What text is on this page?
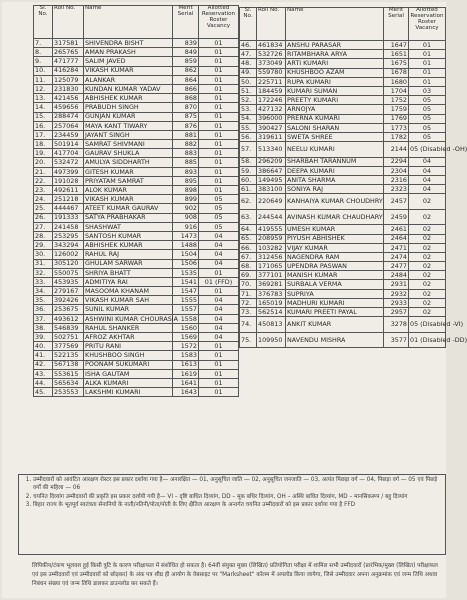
Sl. No.	Roll No.	Name	Merit Serial	Allotted Reservation Roster Vacancy
7.	317581	SHIVENDRA BISHT	839	01
8.	265765	AMAN PRAKASH	849	01
9.	471777	SALIM JAVED	859	01
10.	416284	VIKASH KUMAR	862	01
11.	125079	ALANKAR	864	01
12.	231830	KUNDAN KUMAR YADAV	866	01
13.	421456	ABHISHEK KUMAR	868	01
14.	459656	PRABUDH SINGH	870	01
15.	288474	GUNJAN KUMAR	875	01
16.	257064	MAYA KANT TIWARY	876	01
17.	234459	JAYANT SINGH	881	01
18.	501914	SAMRAT SHIVMANI	882	01
19.	417704	GAURAV SHUKLA	883	01
20.	532472	AMULYA SIDDHARTH	885	01
21.	497399	GITESH KUMAR	893	01
22.	191028	PRIYATAM SAMRAT	895	01
23.	492611	ALOK KUMAR	898	01
24.	251218	VIKASH KUMAR	899	05
25.	444467	ATEET KUMAR GAURAV	902	05
26.	191333	SATYA PRABHAKAR	908	05
27.	241458	SHASHWAT	916	05
28.	253295	SANTOSH KUMAR	1473	04
29.	343294	ABHISHEK KUMAR	1488	04
30.	126002	RAHUL RAJ	1504	04
31.	305120	GHULAM SARWAR	1506	04
32.	550075	SHRIYA BHATT	1535	01
33.	453935	ADMITIYA RAI	1541	01 (FFD)
34.	279167	MASOOMA KHANAM	1547	01
35.	392426	VIKASH KUMAR SAH	1555	04
36.	253675	SUNIL KUMAR	1557	04
37.	493612	ASHWINI KUMAR CHOURASIA	1558	04
38.	546839	RAHUL SHANKER	1560	04
39.	502751	AFROZ AKHTAR	1569	04
40.	377569	PRITU RANI	1572	01
41.	522135	KHUSHBOO SINGH	1583	01
42.	567138	POONAM SUKUMARI	1613	01
43.	553615	ISHA GAUTAM	1619	01
44.	565634	ALKA KUMARI	1641	01
45.	253553	LAKSHMI KUMARI	1643	01
Sl. No.	Roll No.	Name	Merit Serial	Allotted Reservation Roster Vacancy
46.	461834	ANSHU PARASAR	1647	01
47.	532726	RITAMBHARA ARYA	1651	01
48.	373049	ARTI KUMARI	1675	01
49.	559780	KHUSHBOO AZAM	1678	01
50.	225711	RUPA KUMARI	1680	01
51.	184459	KUMARI SUMAN	1704	03
52.	172246	PREETY KUMARI	1752	05
53.	427132	ARNOJYA	1759	05
54.	396000	PRERNA KUMARI	1769	05
55.	390427	SALONI SHARAN	1773	05
56.	319611	SWETA SHREE	1782	05
57.	513340	NEELU KUMARI	2144	05 (Disabled -OH)
58.	296209	SHARBAH TARANNUM	2294	04
59.	386647	DEEPA KUMARI	2304	04
60.	149495	ANITA SHARMA	2316	04
61.	383100	SONIYA RAJ	2323	04
62.	220649	KANHAIYA KUMAR CHOUDHRY	2457	02
63.	244544	AVINASH KUMAR CHAUDHARY	2459	02
64.	419555	UMESH KUMAR	2461	02
65.	208959	PIYUSH ABHISHEK	2464	02
66.	103282	VIJAY KUMAR	2471	02
67.	312456	NAGENDRA RAM	2474	02
68.	171065	UPENDRA PASWAN	2477	02
69.	377101	MANISH KUMAR	2484	02
70.	369281	SURBALA VERMA	2931	02
71.	376783	SUPRIYA	2932	02
72.	165019	MADHURI KUMARI	2933	02
73.	562514	KUMARI PREETI PAYAL	2957	02
74.	450813	ANKIT KUMAR	3278	05 (Disabled -VI)
75.	109950	NAVENDU MISHRA	3577	01 (Disabled -DD)
1. उम्मीदवारों को आवंटित आरक्षण रोस्टर इस प्रकार दर्शाया गया है— अनारक्षित — 01, अनुसूचित जाति — 02, अनुसूचित जनजाति — 03, अत्यंत पिछड़ा वर्ग — 04, पिछड़ा वर्ग — 05 एवं पिछड़े वर्गों की महिला — 06
2. चयनित दिव्यांग उम्मीदवारों की प्रकृति इस प्रकार दर्शायी गयी है— VI – दृष्टि बाधित दिव्यांग, DD – मूक बधिर दिव्यांग, OH – अस्थि बाधित दिव्यांग, MD – मानसिकरूप / बहु दिव्यांग
3. बिहार राज्य के भूतपूर्व स्वतंत्रता सेनानियों के नाती/नतिनी/पोता/पोती के लिए क्षैतिज आरक्षण के अन्तर्गत चयनित उम्मीदवारों को इस प्रकार दर्शाया गया है FFD
लिपिकीय/टंकण भूलवश हुई किसी त्रुटि के कारण परीक्षाफल में संशोधित हो सकता है। 64वीं संयुक्त मुख्य (लिखित) प्रतियोगिता परीक्षा में शामिल सभी उम्मीदवारों (प्रारंभिक/मुख्य (लिखित) परीक्षाफल एवं इस उम्मीदवारों एवं उम्मीदवारों को छोड़कर) के अंक पत्र शीघ्र ही आयोग के वेबसाइट पर "Marksheet" कॉलम में अपलोड किया जायेगा, जिसे उम्मीदवार अपना अनुक्रमांक एवं जन्म तिथि अथवा निबंधन संख्या एवं जन्म तिथि डालकर डाउनलोड कर सकते हैं।
